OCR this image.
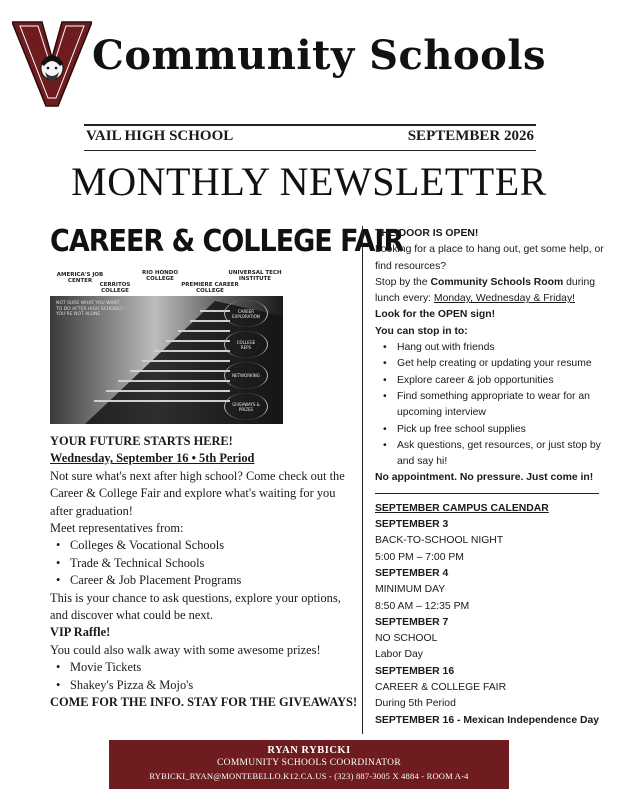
Community Schools
VAIL HIGH SCHOOL	SEPTEMBER 2026
MONTHLY NEWSLETTER
CAREER & COLLEGE FAIR
AMERICA'S JOB CENTER
CERRITOS COLLEGE
RIO HONDO COLLEGE
PREMIERE CAREER COLLEGE
UNIVERSAL TECH INSTITUTE
NOT SURE WHAT YOU WANT TO DO AFTER HIGH SCHOOL? - YOU'RE NOT ALONE
CAREER EXPLORATION
COLLEGE REPS
NETWORKING
GIVEAWAYS & PRIZES

YOUR FUTURE STARTS HERE!

Wednesday, September 16 • 5th Period

Not sure what's next after high school? Come check out the Career & College Fair and explore what's waiting for you after graduation!

Meet representatives from:

• Colleges & Vocational Schools
• Trade & Technical Schools
• Career & Job Placement Programs

This is your chance to ask questions, explore your options, and discover what could be next.

VIP Raffle!

You could also walk away with some awesome prizes!

• Movie Tickets
• Shakey's Pizza & Mojo's

COME FOR THE INFO. STAY FOR THE GIVEAWAYS!

THE DOOR IS OPEN!
Looking for a place to hang out, get some help, or find resources?
Stop by the Community Schools Room during lunch every: Monday, Wednesday & Friday!
Look for the OPEN sign!
You can stop in to:
• Hang out with friends
• Get help creating or updating your resume
• Explore career & job opportunities
• Find something appropriate to wear for an upcoming interview
• Pick up free school supplies
• Ask questions, get resources, or just stop by and say hi!
No appointment. No pressure. Just come in!
SEPTEMBER CAMPUS CALENDAR
SEPTEMBER 3
BACK-TO-SCHOOL NIGHT
5:00 PM – 7:00 PM
SEPTEMBER 4
MINIMUM DAY
8:50 AM – 12:35 PM
SEPTEMBER 7
NO SCHOOL
Labor Day
SEPTEMBER 16
CAREER & COLLEGE FAIR
During 5th Period
SEPTEMBER 16 - Mexican Independence Day
RYAN RYBICKI
COMMUNITY SCHOOLS COORDINATOR
RYBICKI_RYAN@MONTEBELLO.K12.CA.US - (323) 887-3005 X 4884 - ROOM A-4
